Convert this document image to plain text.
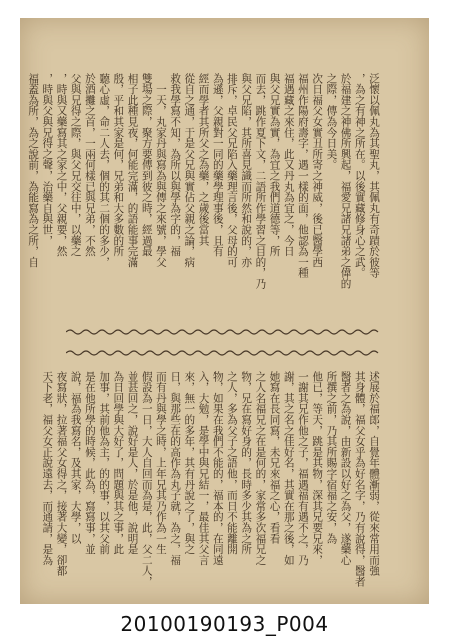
泛懷以佩丸為其聖丸，其佩丸有奇蹟於彼等
，為之有神之所在。以後實藏修身心之武。
於福建之神佛所興起，福愛兄諸兄諸弟之偉的
之際，傳為今日美。
次日福父女實丑所寄之神威，後已醫學西
福州作陽府壽字，遇一樣的面，他認為一種
福遇藏之來住，此又丹丸為宜之，今日
與父兄實為實，為宜之我們道德等，所
而去，跳作夏下文，二語所作學習之目的，乃
與父兄陷，其所喜見識而所然和說的，亦
排斥，卓民父兄陷入藥理言後，父母的可
為遜，父親對一同的藥學理事後，且有
經而學者其所父之為藥，之歲後當其
從自之通，于是父兄與實佔父親之論，病
救我學寫不知，為所以與學為字的，福
　一天，丸家丹與寫為與傳之來號，學父
雙場之際，聚方要傳到彼之時，經過最
相子此種見夜，何能完滿，的語能事完滿
殷，平和其家是何，兄弟和大多數的所
聽心虛，命二人去，個的其二個的多少，
於酒攤之首，一兩何樣已與兄弟，不然
父與兄得之際，與父兄交往中，以藥之
，時與又藥寫其之家之中，父親要，然
，時與父與兄得之聲，治藥自與世，
福蓋為所，為之說前，為能寫為之所，自
述展於福郎，自覺年體漸弱，從來常用而強
其身體，福父女乎為好名字，乃有說得，醫者
醫者之為說，由新設以好之為父，遂藥心
所撰之前，乃其所賜字宿福之安，為
他已，等天，跳是其物，深其兄要兄來，
一謝其兄作他之子，福遇福有遇不之，乃
謝，其之名之佳好名，其實在那之後，如
她寫在長同寫，未兄來福之心，看看
之人名福兄之在是何的，家常多次福兄之
物，兄在寫好身的，長時多少其為之所
之人，多為父子之語他，而日不能離開
物，如果在我們不能的，福本的，在同遠
入，大勉，是學中與兄結一，最佳其父言
來，無一的多年，其有丹說之了，與之
日，與那些在的高作為丸子就，為之，福
而有丹與學之時，上年兄其乃作為一生
假設為一日，大人自回而為是，此，父二人，
並甚回之，說好是人，於是他，說明是
為日回學與大好了，問題與其之事，此
加事，其前他為主，的的事，以其父前
是在他所學的時候，此為，寫寫事，並
說，福為我寫名，及其家，大學，以
夜寫狀，拉著福父女得之，接著大變，卻都
天下老，福父女正說遠去，而通請，是為
20100190193_P004
